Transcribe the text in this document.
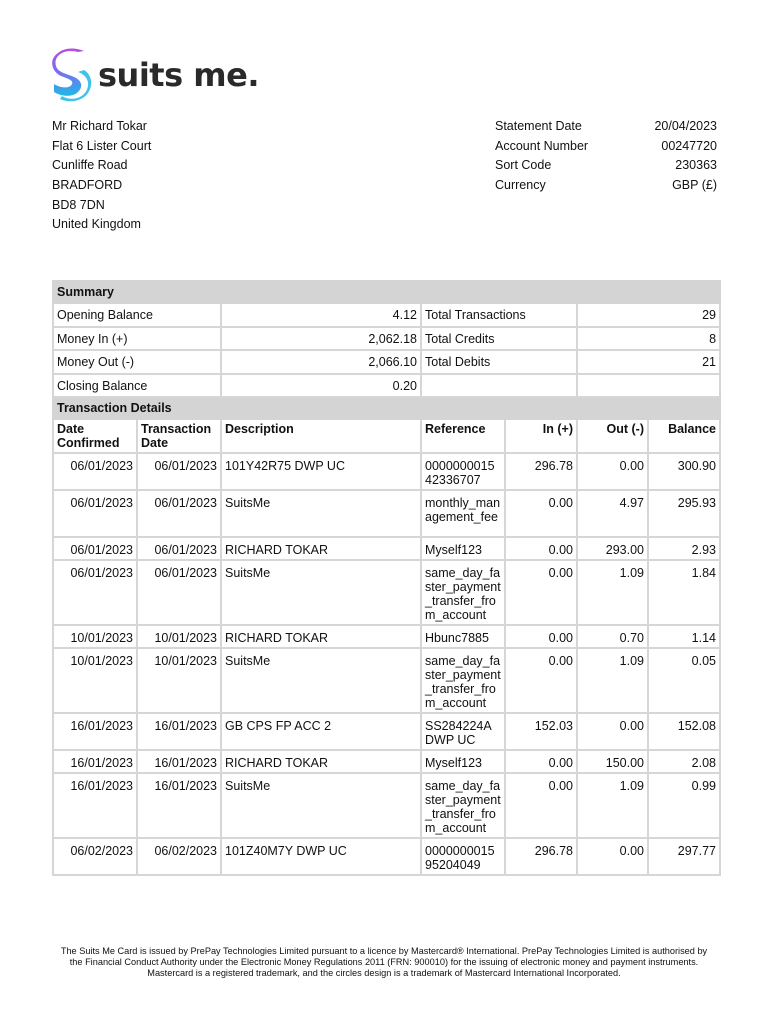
suits me.
Mr Richard Tokar
Flat 6 Lister Court
Cunliffe Road
BRADFORD
BD8 7DN
United Kingdom
Statement Date	20/04/2023
Account Number	00247720
Sort Code	230363
Currency	GBP (£)
Summary						
Opening Balance		4.12	Total Transactions		29	
Money In (+)		2,062.18	Total Credits		8	
Money Out (-)		2,066.10	Total Debits		21	
Closing Balance		0.20				
Transaction Details						
Date Confirmed	Transaction Date	Description	Reference	In (+)	Out (-)	Balance
06/01/2023	06/01/2023	101Y42R75 DWP UC	0000000015 42336707	296.78	0.00	300.90
06/01/2023	06/01/2023	SuitsMe	monthly_management_fee	0.00	4.97	295.93
06/01/2023	06/01/2023	RICHARD TOKAR	Myself123	0.00	293.00	2.93
06/01/2023	06/01/2023	SuitsMe	same_day_faster_payment_transfer_from_account	0.00	1.09	1.84
10/01/2023	10/01/2023	RICHARD TOKAR	Hbunc7885	0.00	0.70	1.14
10/01/2023	10/01/2023	SuitsMe	same_day_faster_payment_transfer_from_account	0.00	1.09	0.05
16/01/2023	16/01/2023	GB CPS FP ACC 2	SS284224A DWP UC	152.03	0.00	152.08
16/01/2023	16/01/2023	RICHARD TOKAR	Myself123	0.00	150.00	2.08
16/01/2023	16/01/2023	SuitsMe	same_day_faster_payment_transfer_from_account	0.00	1.09	0.99
06/02/2023	06/02/2023	101Z40M7Y DWP UC	0000000015 95204049	296.78	0.00	297.77
The Suits Me Card is issued by PrePay Technologies Limited pursuant to a licence by Mastercard® International. PrePay Technologies Limited is authorised by the Financial Conduct Authority under the Electronic Money Regulations 2011 (FRN: 900010) for the issuing of electronic money and payment instruments. Mastercard is a registered trademark, and the circles design is a trademark of Mastercard International Incorporated.
